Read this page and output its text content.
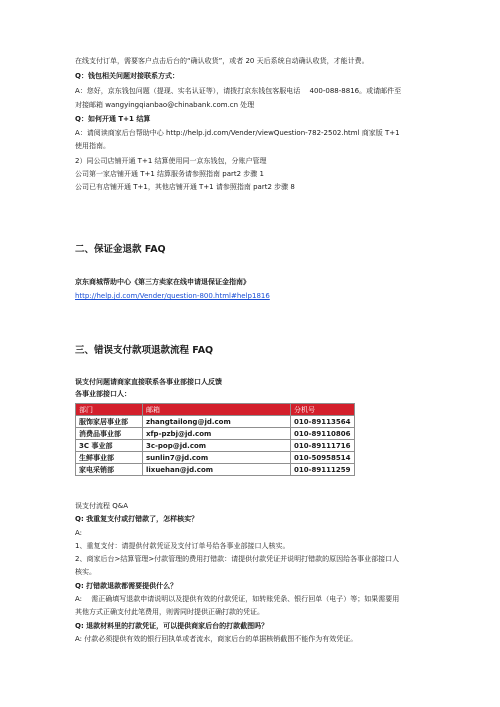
在线支付订单，需要客户点击后台的“确认收货”，或者 20 天后系统自动确认收货，才能计费。
Q：钱包相关问题对接联系方式：
A：您好，京东钱包问题（提现、实名认证等），请拨打京东钱包客服电话　 400-088-8816。或请邮件至
对接邮箱 wangyingqianbao@chinabank.com.cn 处理
Q：如何开通 T+1 结算
A：请阅读商家后台帮助中心 http://help.jd.com/Vender/viewQuestion-782-2502.html 商家版 T+1
使用指南。
2）同公司店铺开通 T+1 结算使用同一京东钱包，分账户管理
公司第一家店铺开通 T+1 结算服务请参照指南 part2 步骤 1
公司已有店铺开通 T+1，其他店铺开通 T+1 请参照指南 part2 步骤 8
二、保证金退款 FAQ
京东商城帮助中心《第三方卖家在线申请退保证金指南》
http://help.jd.com/Vender/question-800.html#help1816
三、错误支付款项退款流程 FAQ
误支付问题请商家直接联系各事业部接口人反馈
各事业部接口人：
部门	邮箱	分机号
服饰家居事业部	zhangtailong@jd.com	010-89113564
消费品事业部	xfp-pzbj@jd.com	010-89110806
3C 事业部	3c-pop@jd.com	010-89111716
生鲜事业部	sunlin7@jd.com	010-50958514
家电采销部	lixuehan@jd.com	010-89111259
误支付流程 Q&A
Q: 我重复支付或打错款了，怎样核实？
A:
1、重复支付：请提供付款凭证及支付订单号给各事业部接口人核实。
2、商家后台>结算管理>付款管理的费用打错款：请提供付款凭证并说明打错款的原因给各事业部接口人
核实。
Q: 打错款退款都需要提供什么？
A:　 需正确填写退款申请说明以及提供有效的付款凭证，如转账凭条、银行回单（电子）等；如果需要用
其他方式正确支付此笔费用，则需同时提供正确打款的凭证。
Q: 退款材料里的打款凭证，可以提供商家后台的打款截图吗？
A: 付款必须提供有效的银行回执单或者流水，商家后台的单据核销截图不能作为有效凭证。
